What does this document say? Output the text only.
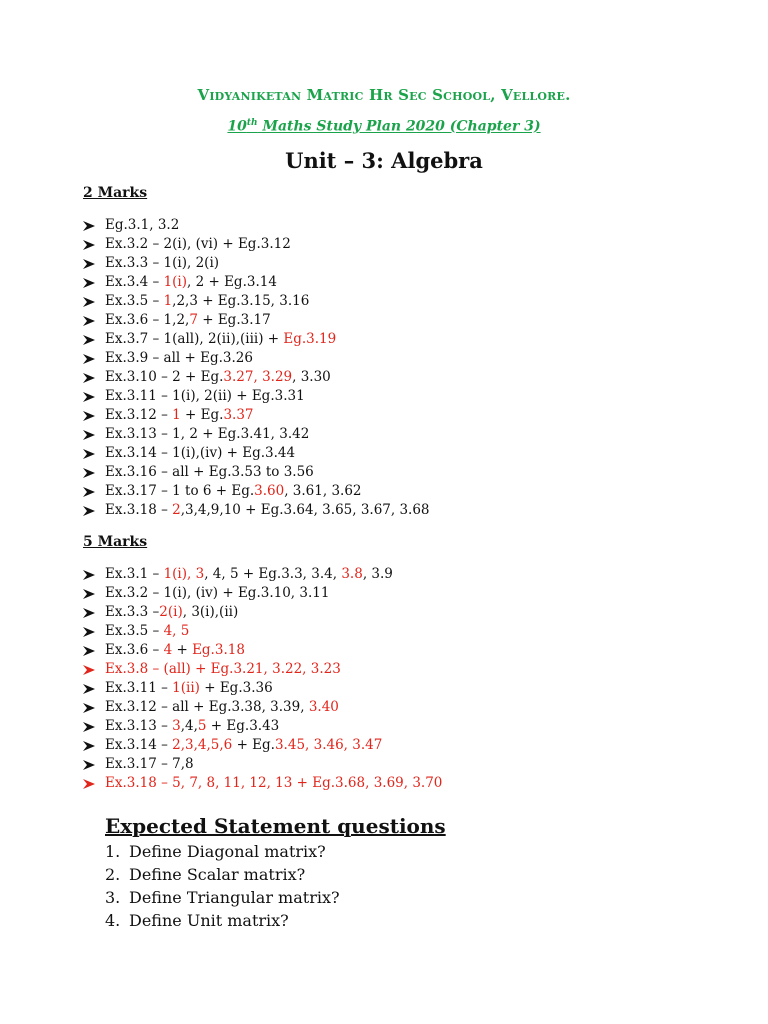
Vidyaniketan Matric Hr Sec School, Vellore.
10th Maths Study Plan 2020 (Chapter 3)
Unit – 3: Algebra
2 Marks
Eg.3.1, 3.2
Ex.3.2 – 2(i), (vi) + Eg.3.12
Ex.3.3 – 1(i), 2(i)
Ex.3.4 – 1(i) , 2 + Eg.3.14
Ex.3.5 – 1 ,2,3 + Eg.3.15, 3.16
Ex.3.6 – 1,2, 7 + Eg.3.17
Ex.3.7 – 1(all), 2(ii),(iii) + Eg.3.19
Ex.3.9 – all + Eg.3.26
Ex.3.10 – 2 + Eg. 3.27, 3.29 , 3.30
Ex.3.11 – 1(i), 2(ii) + Eg.3.31
Ex.3.12 – 1 + Eg. 3.37
Ex.3.13 – 1, 2 + Eg.3.41, 3.42
Ex.3.14 – 1(i),(iv) + Eg.3.44
Ex.3.16 – all + Eg.3.53 to 3.56
Ex.3.17 – 1 to 6 + Eg. 3.60 , 3.61, 3.62
Ex.3.18 – 2 ,3,4,9,10 + Eg.3.64, 3.65, 3.67, 3.68
5 Marks
Ex.3.1 – 1(i), 3 , 4, 5 + Eg.3.3, 3.4, 3.8 , 3.9
Ex.3.2 – 1(i), (iv) + Eg.3.10, 3.11
Ex.3.3 – 2(i) , 3(i),(ii)
Ex.3.5 – 4, 5
Ex.3.6 – 4 + Eg.3.18
Ex.3.8 – (all) + Eg.3.21, 3.22, 3.23
Ex.3.11 – 1(ii) + Eg.3.36
Ex.3.12 – all + Eg.3.38, 3.39, 3.40
Ex.3.13 – 3 ,4, 5 + Eg.3.43
Ex.3.14 – 2,3,4,5,6 + Eg. 3.45, 3.46, 3.47
Ex.3.17 – 7,8
Ex.3.18 – 5, 7, 8, 11, 12, 13 + Eg.3.68, 3.69, 3.70
Expected Statement questions
1. Define Diagonal matrix?
2. Define Scalar matrix?
3. Define Triangular matrix?
4. Define Unit matrix?
